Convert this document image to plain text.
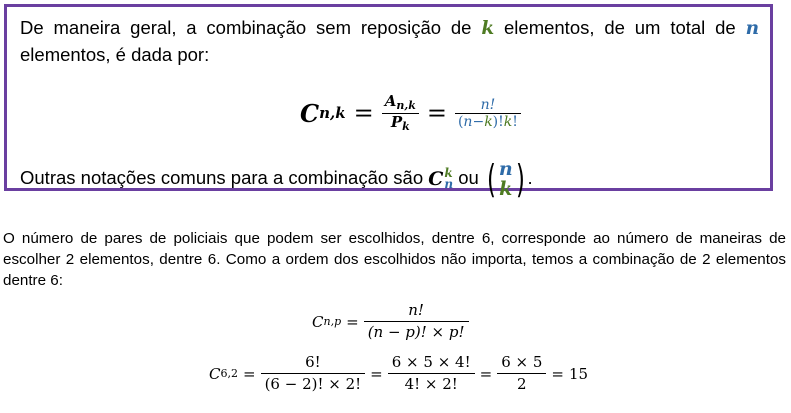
De maneira geral, a combinação sem reposição de k elementos, de um total de n elementos, é dada por:
C $n,k = \frac{A_{n,k}}{P_k} = \frac{n!}{(n-k)!k!}$
Outras notações comuns para a combinação são C k
n ou ( n
k ) .
O número de pares de policiais que podem ser escolhidos, dentre 6, corresponde ao número de maneiras de escolher 2 elementos, dentre 6. Como a ordem dos escolhidos não importa, temos a combinação de 2 elementos dentre 6:
C $n,p = \frac{n!}{(n - p)! \times p!}$
C $6,2 = \frac{6!}{(6 - 2)! \times 2!} = \frac{6 \times 5 \times 4!}{4! \times 2!} = \frac{6 \times 5}{2} = 15$
